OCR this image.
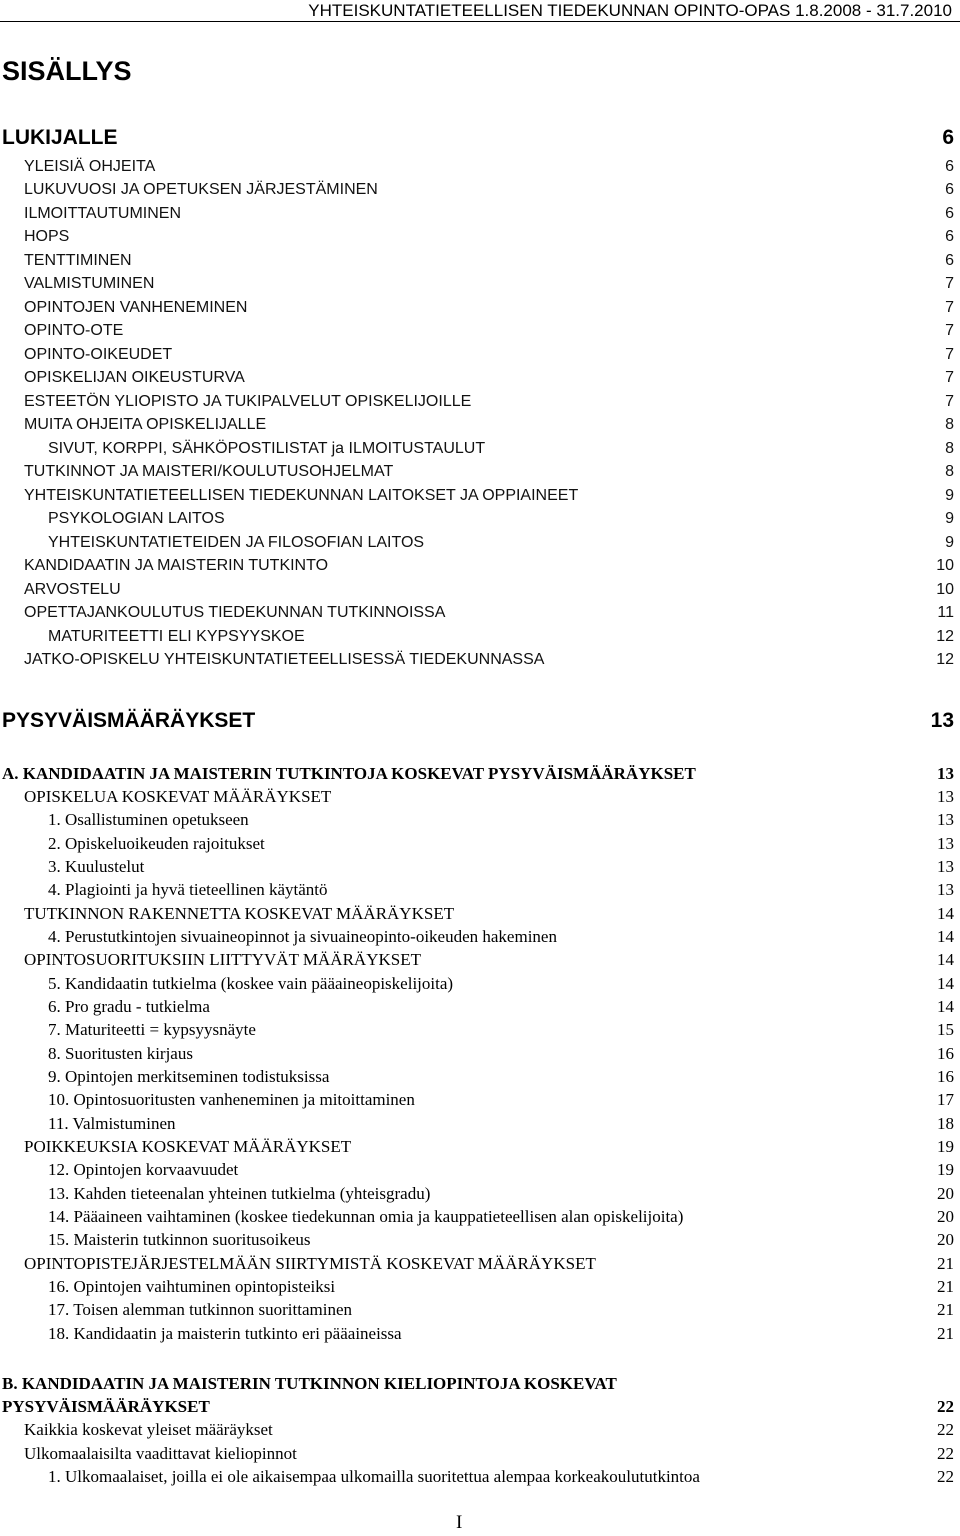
YHTEISKUNTATIETEELLISEN TIEDEKUNNAN OPINTO-OPAS 1.8.2008 - 31.7.2010
SISÄLLYS
LUKIJALLE	6
YLEISIÄ OHJEITA	6
LUKUVUOSI JA OPETUKSEN JÄRJESTÄMINEN	6
ILMOITTAUTUMINEN	6
HOPS	6
TENTTIMINEN	6
VALMISTUMINEN	7
OPINTOJEN VANHENEMINEN	7
OPINTO-OTE	7
OPINTO-OIKEUDET	7
OPISKELIJAN OIKEUSTURVA	7
ESTEETÖN YLIOPISTO JA TUKIPALVELUT OPISKELIJOILLE	7
MUITA OHJEITA OPISKELIJALLE	8
SIVUT, KORPPI, SÄHKÖPOSTILISTAT ja ILMOITUSTAULUT	8
TUTKINNOT JA MAISTERI/KOULUTUSOHJELMAT	8
YHTEISKUNTATIETEELLISEN TIEDEKUNNAN LAITOKSET JA OPPIAINEET	9
PSYKOLOGIAN LAITOS	9
YHTEISKUNTATIETEIDEN JA FILOSOFIAN LAITOS	9
KANDIDAATIN JA MAISTERIN TUTKINTO	10
ARVOSTELU	10
OPETTAJANKOULUTUS TIEDEKUNNAN TUTKINNOISSA	11
MATURITEETTI ELI KYPSYYSKOE	12
JATKO-OPISKELU YHTEISKUNTATIETEELLISESSÄ TIEDEKUNNASSA	12
PYSYVÄISMÄÄRÄYKSET	13
A. KANDIDAATIN JA MAISTERIN TUTKINTOJA KOSKEVAT PYSYVÄISMÄÄRÄYKSET	13
OPISKELUA KOSKEVAT MÄÄRÄYKSET	13
1. Osallistuminen opetukseen	13
2. Opiskeluoikeuden rajoitukset	13
3. Kuulustelut	13
4. Plagiointi ja hyvä tieteellinen käytäntö	13
TUTKINNON RAKENNETTA KOSKEVAT MÄÄRÄYKSET	14
4. Perustutkintojen sivuaineopinnot ja sivuaineopinto-oikeuden hakeminen	14
OPINTOSUORITUKSIIN LIITTYVÄT MÄÄRÄYKSET	14
5. Kandidaatin tutkielma (koskee vain pääaineopiskelijoita)	14
6. Pro gradu - tutkielma	14
7. Maturiteetti = kypsyysnäyte	15
8. Suoritusten kirjaus	16
9. Opintojen merkitseminen todistuksissa	16
10. Opintosuoritusten vanheneminen ja mitoittaminen	17
11. Valmistuminen	18
POIKKEUKSIA KOSKEVAT MÄÄRÄYKSET	19
12. Opintojen korvaavuudet	19
13. Kahden tieteenalan yhteinen tutkielma (yhteisgradu)	20
14. Pääaineen vaihtaminen (koskee tiedekunnan omia ja kauppatieteellisen alan opiskelijoita)	20
15. Maisterin tutkinnon suoritusoikeus	20
OPINTOPISTEJÄRJESTELMÄÄN SIIRTYMISTÄ KOSKEVAT MÄÄRÄYKSET	21
16. Opintojen vaihtuminen opintopisteiksi	21
17. Toisen alemman tutkinnon suorittaminen	21
18. Kandidaatin ja maisterin tutkinto eri pääaineissa	21
B. KANDIDAATIN JA MAISTERIN TUTKINNON KIELIOPINTOJA KOSKEVAT
PYSYVÄISMÄÄRÄYKSET	22
Kaikkia koskevat yleiset määräykset	22
Ulkomaalaisilta vaadittavat kieliopinnot	22
1. Ulkomaalaiset, joilla ei ole aikaisempaa ulkomailla suoritettua alempaa korkeakoulututkintoa	22
I
